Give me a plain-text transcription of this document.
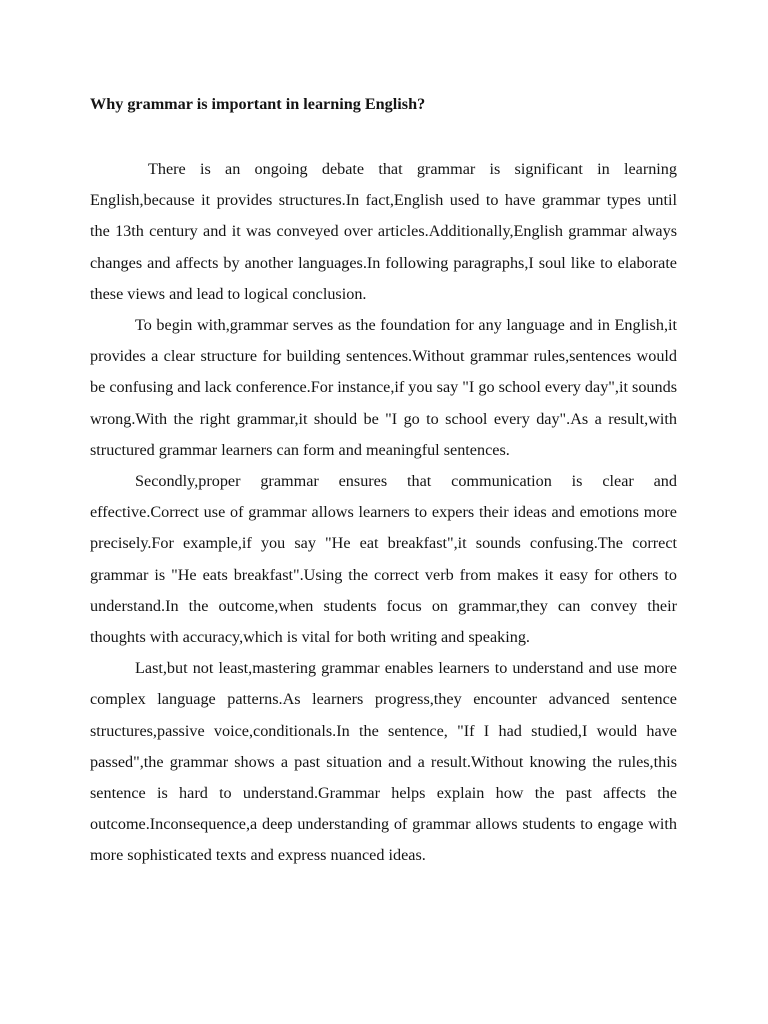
Why grammar is important in learning English?

There is an ongoing debate that grammar is significant in learning English,because it provides structures.In fact,English used to have grammar types until the 13th century and it was conveyed over articles.Additionally,English grammar always changes and affects by another languages.In following paragraphs,I soul like to elaborate these views and lead to logical conclusion.

To begin with,grammar serves as the foundation for any language and in English,it provides a clear structure for building sentences.Without grammar rules,sentences would be confusing and lack conference.For instance,if you say "I go school every day",it sounds wrong.With the right grammar,it should be "I go to school every day".As a result,with structured grammar learners can form and meaningful sentences.

Secondly,proper grammar ensures that communication is clear and effective.Correct use of grammar allows learners to expers their ideas and emotions more precisely.For example,if you say "He eat breakfast",it sounds confusing.The correct grammar is "He eats breakfast".Using the correct verb from makes it easy for others to understand.In the outcome,when students focus on grammar,they can convey their thoughts with accuracy,which is vital for both writing and speaking.

Last,but not least,mastering grammar enables learners to understand and use more complex language patterns.As learners progress,they encounter advanced sentence structures,passive voice,conditionals.In the sentence, "If I had studied,I would have passed",the grammar shows a past situation and a result.Without knowing the rules,this sentence is hard to understand.Grammar helps explain how the past affects the outcome.Inconsequence,a deep understanding of grammar allows students to engage with more sophisticated texts and express nuanced ideas.
